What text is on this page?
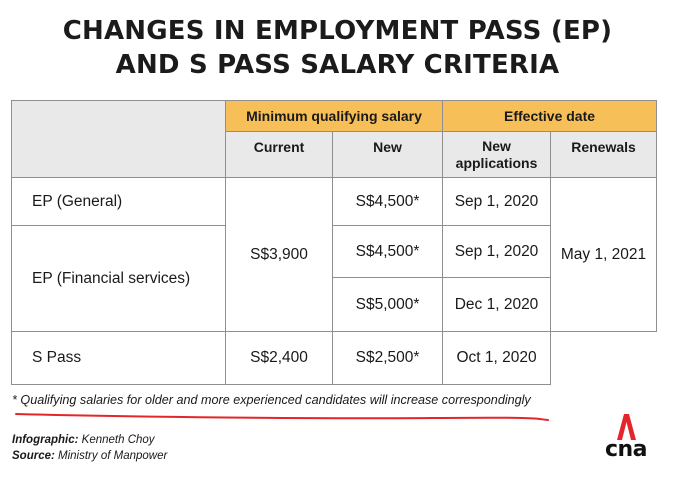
CHANGES IN EMPLOYMENT PASS (EP)
AND S PASS SALARY CRITERIA
	Minimum qualifying salary		Effective date	
	Current	New	New applications	Renewals
EP (General)	S$3,900	S$4,500*	Sep 1, 2020	May 1, 2021
EP (Financial services)		S$4,500*	Sep 1, 2020	
		S$5,000*	Dec 1, 2020	
S Pass	S$2,400	S$2,500*	Oct 1, 2020	
* Qualifying salaries for older and more experienced candidates will increase correspondingly
Infographic: Kenneth Choy
Source: Ministry of Manpower	cna
